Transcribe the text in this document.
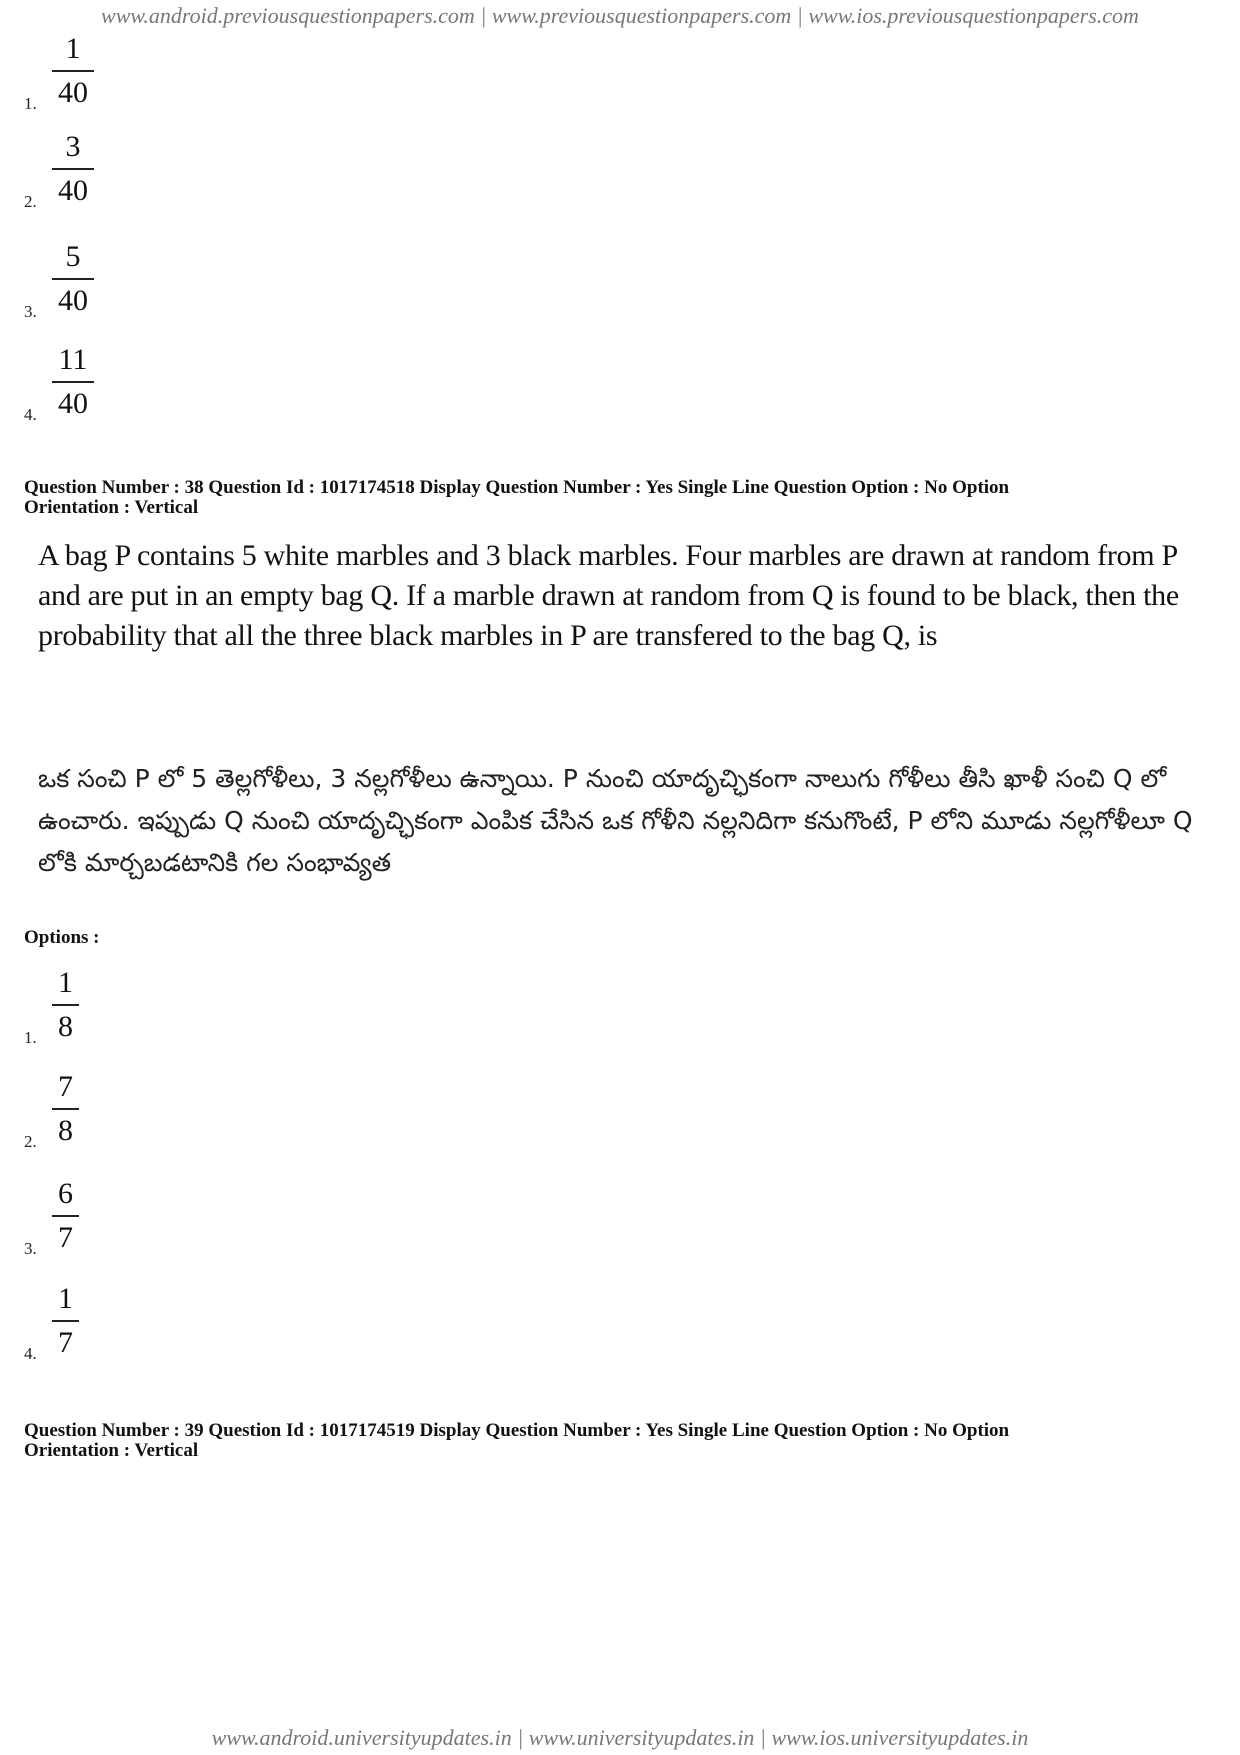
www.android.previousquestionpapers.com | www.previousquestionpapers.com | www.ios.previousquestionpapers.com
1.
1
40
2.
3
40
3.
5
40
4.
11
40
Question Number : 38 Question Id : 1017174518 Display Question Number : Yes Single Line Question Option : No Option
Orientation : Vertical
A bag P contains 5 white marbles and 3 black marbles. Four marbles are drawn at random from P and are put in an empty bag Q. If a marble drawn at random from Q is found to be black, then the probability that all the three black marbles in P are transfered to the bag Q, is
ఒక సంచి P లో 5 తెల్లగోళీలు, 3 నల్లగోళీలు ఉన్నాయి. P నుంచి యాదృచ్ఛికంగా నాలుగు గోళీలు తీసి ఖాళీ సంచి Q లో ఉంచారు. ఇప్పుడు Q నుంచి యాదృచ్ఛికంగా ఎంపిక చేసిన ఒక గోళీని నల్లనిదిగా కనుగొంటే, P లోని మూడు నల్లగోళీలూ Q లోకి మార్చబడటానికి గల సంభావ్యత
Options :
1.
1
8
2.
7
8
3.
6
7
4.
1
7
Question Number : 39 Question Id : 1017174519 Display Question Number : Yes Single Line Question Option : No Option
Orientation : Vertical
www.android.universityupdates.in | www.universityupdates.in | www.ios.universityupdates.in
